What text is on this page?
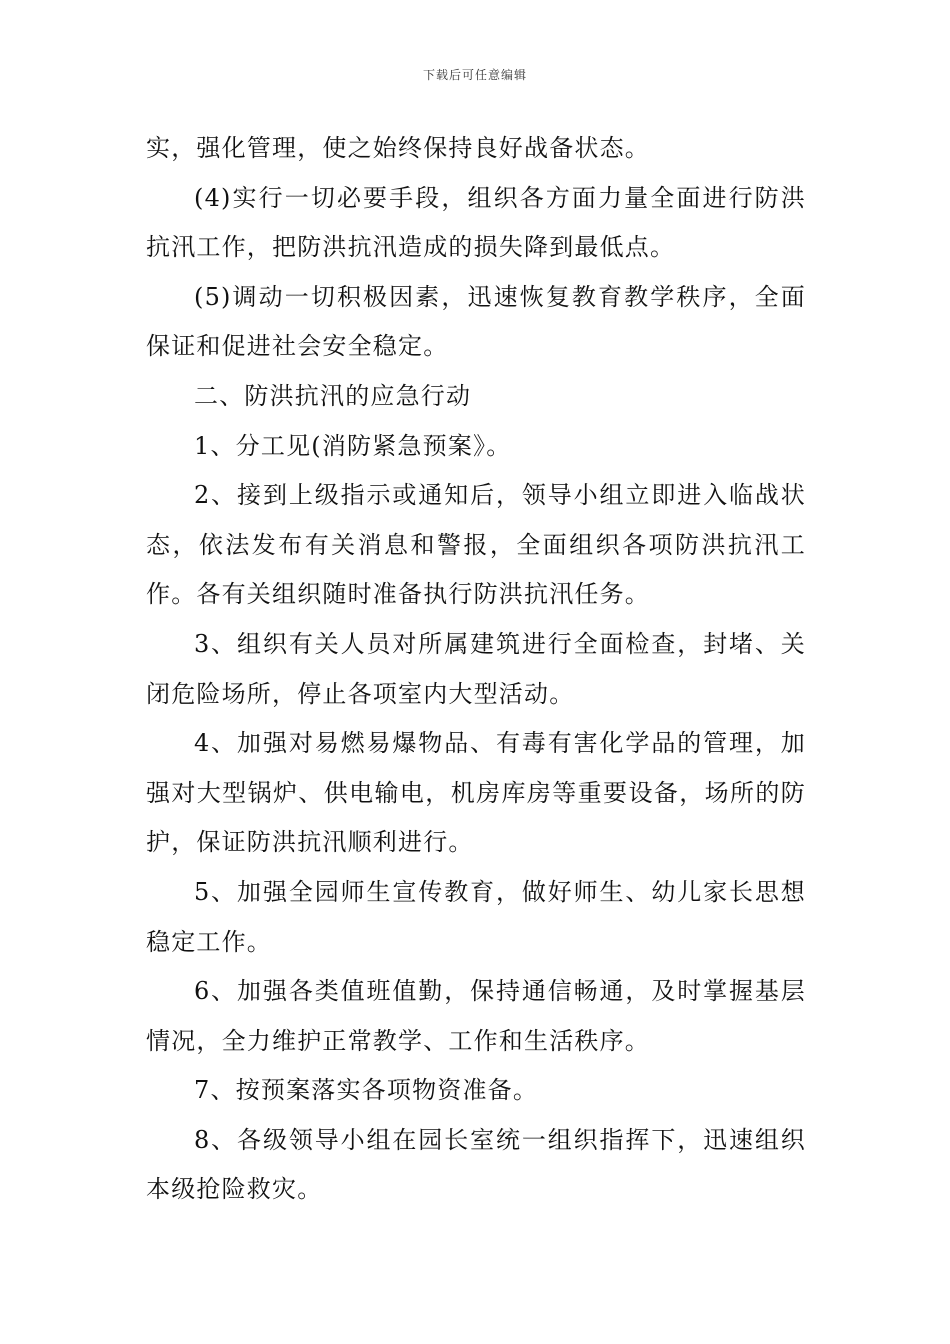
下载后可任意编辑

实，强化管理，使之始终保持良好战备状态。

(4)实行一切必要手段，组织各方面力量全面进行防洪抗汛工作，把防洪抗汛造成的损失降到最低点。

(5)调动一切积极因素，迅速恢复教育教学秩序，全面保证和促进社会安全稳定。

二、防洪抗汛的应急行动

1、分工见(消防紧急预案》。

2、接到上级指示或通知后，领导小组立即进入临战状态，依法发布有关消息和警报，全面组织各项防洪抗汛工作。各有关组织随时准备执行防洪抗汛任务。

3、组织有关人员对所属建筑进行全面检查，封堵、关闭危险场所，停止各项室内大型活动。

4、加强对易燃易爆物品、有毒有害化学品的管理，加强对大型锅炉、供电输电，机房库房等重要设备，场所的防护，保证防洪抗汛顺利进行。

5、加强全园师生宣传教育，做好师生、幼儿家长思想稳定工作。

6、加强各类值班值勤，保持通信畅通，及时掌握基层情况，全力维护正常教学、工作和生活秩序。

7、按预案落实各项物资准备。

8、各级领导小组在园长室统一组织指挥下，迅速组织本级抢险救灾。
